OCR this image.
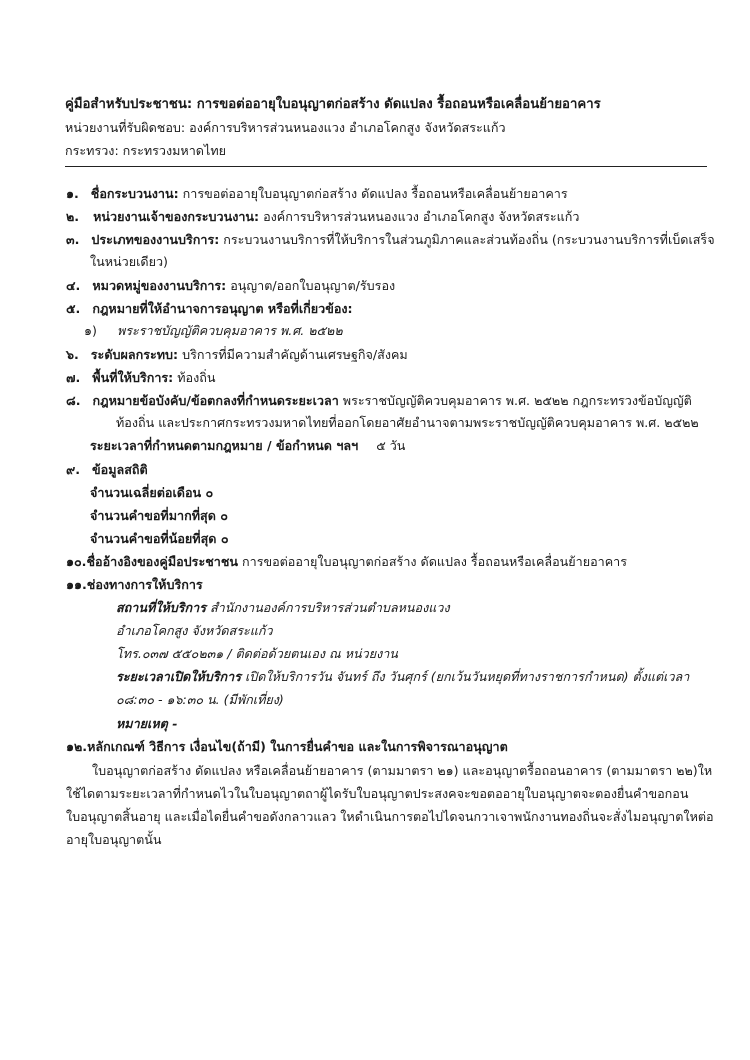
คู่มือสำหรับประชาชน: การขอต่ออายุใบอนุญาตก่อสร้าง ดัดแปลง รื้อถอนหรือเคลื่อนย้ายอาคาร
หน่วยงานที่รับผิดชอบ: องค์การบริหารส่วนหนองแวง อำเภอโคกสูง จังหวัดสระแก้ว
กระทรวง: กระทรวงมหาดไทย
๑. ชื่อกระบวนงาน: การขอต่ออายุใบอนุญาตก่อสร้าง ดัดแปลง รื้อถอนหรือเคลื่อนย้ายอาคาร
๒. หน่วยงานเจ้าของกระบวนงาน: องค์การบริหารส่วนหนองแวง อำเภอโคกสูง จังหวัดสระแก้ว
๓. ประเภทของงานบริการ: กระบวนงานบริการที่ให้บริการในส่วนภูมิภาคและส่วนท้องถิ่น (กระบวนงานบริการที่เบ็ดเสร็จ
ในหน่วยเดียว)
๔. หมวดหมู่ของงานบริการ: อนุญาต/ออกใบอนุญาต/รับรอง
๕. กฎหมายที่ให้อำนาจการอนุญาต หรือที่เกี่ยวข้อง:
๑) พระราชบัญญัติควบคุมอาคาร พ.ศ. ๒๕๒๒
๖. ระดับผลกระทบ: บริการที่มีความสำคัญด้านเศรษฐกิจ/สังคม
๗. พื้นที่ให้บริการ: ท้องถิ่น
๘. กฎหมายข้อบังคับ/ข้อตกลงที่กำหนดระยะเวลา พระราชบัญญัติควบคุมอาคาร พ.ศ. ๒๕๒๒ กฎกระทรวงข้อบัญญัติ
ท้องถิ่น และประกาศกระทรวงมหาดไทยที่ออกโดยอาศัยอำนาจตามพระราชบัญญัติควบคุมอาคาร พ.ศ. ๒๕๒๒
ระยะเวลาที่กำหนดตามกฎหมาย / ข้อกำหนด ฯลฯ ๕ วัน
๙. ข้อมูลสถิติ
จำนวนเฉลี่ยต่อเดือน ๐
จำนวนคำขอที่มากที่สุด ๐
จำนวนคำขอที่น้อยที่สุด ๐
๑๐.ชื่ออ้างอิงของคู่มือประชาชน การขอต่ออายุใบอนุญาตก่อสร้าง ดัดแปลง รื้อถอนหรือเคลื่อนย้ายอาคาร
๑๑.ช่องทางการให้บริการ
สถานที่ให้บริการ สำนักงานองค์การบริหารส่วนตำบลหนองแวง
อำเภอโคกสูง จังหวัดสระแก้ว
โทร.๐๓๗ ๕๕๐๒๓๑ / ติดต่อด้วยตนเอง ณ หน่วยงาน
ระยะเวลาเปิดให้บริการ เปิดให้บริการวัน จันทร์ ถึง วันศุกร์ (ยกเว้นวันหยุดที่ทางราชการกำหนด) ตั้งแต่เวลา
๐๘:๓๐ - ๑๖:๓๐ น. (มีพักเที่ยง)
หมายเหตุ -
๑๒.หลักเกณฑ์ วิธีการ เงื่อนไข(ถ้ามี) ในการยื่นคำขอ และในการพิจารณาอนุญาต
ใบอนุญาตก่อสร้าง ดัดแปลง หรือเคลื่อนย้ายอาคาร (ตามมาตรา ๒๑) และอนุญาตรื้อถอนอาคาร (ตามมาตรา ๒๒)ให
ใช้ไดตามระยะเวลาที่กำหนดไวในใบอนุญาตถาผู้ไดรับใบอนุญาตประสงคจะขอตออายุใบอนุญาตจะตองยื่นคำขอกอน
ใบอนุญาตสิ้นอายุ และเมื่อไดยื่นคำขอดังกลาวแลว ใหดำเนินการตอไปไดจนกวาเจาพนักงานทองถิ่นจะสั่งไมอนุญาตใหต่อ
อายุใบอนุญาตนั้น
